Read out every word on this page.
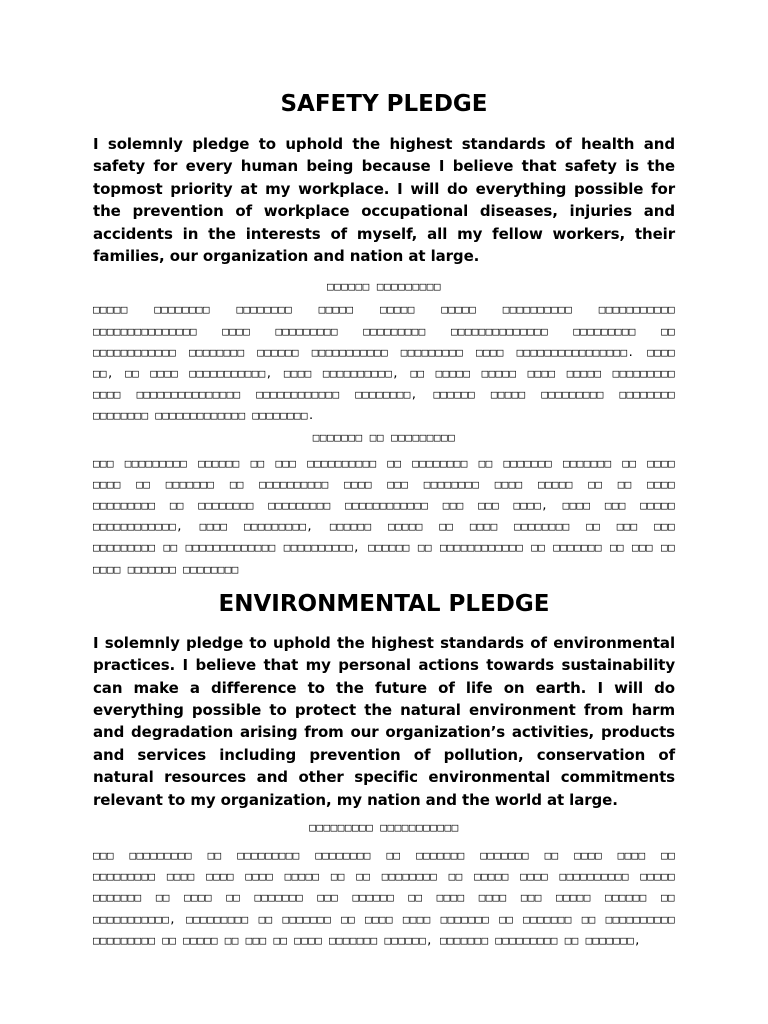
SAFETY PLEDGE

I solemnly pledge to uphold the highest standards of health and safety for every human being because I believe that safety is the topmost priority at my workplace. I will do everything possible for the prevention of workplace occupational diseases, injuries and accidents in the interests of myself, all my fellow workers, their families, our organization and nation at large.

□□□□□□ □□□□□□□□□
□□□□□ □□□□□□□□ □□□□□□□□ □□□□□ □□□□□ □□□□□ □□□□□□□□□□ □□□□□□□□□□□
□□□□□□□□□□□□□□□ □□□□ □□□□□□□□□ □□□□□□□□□ □□□□□□□□□□□□□□ □□□□□□□□□ □□
□□□□□□□□□□□□ □□□□□□□□ □□□□□□ □□□□□□□□□□□ □□□□□□□□□ □□□□ □□□□□□□□□□□□□□□□. □□□□
□□, □□ □□□□ □□□□□□□□□□□, □□□□ □□□□□□□□□□, □□ □□□□□ □□□□□ □□□□ □□□□□ □□□□□□□□□
□□□□ □□□□□□□□□□□□□□□ □□□□□□□□□□□□ □□□□□□□□, □□□□□□ □□□□□ □□□□□□□□□ □□□□□□□□
□□□□□□□□ □□□□□□□□□□□□□ □□□□□□□□.
□□□□□□□ □□ □□□□□□□□□
□□□ □□□□□□□□□ □□□□□□ □□ □□□ □□□□□□□□□□ □□ □□□□□□□□ □□ □□□□□□□ □□□□□□□ □□ □□□□
□□□□ □□ □□□□□□□ □□ □□□□□□□□□□ □□□□ □□□ □□□□□□□□ □□□□ □□□□□ □□ □□ □□□□
□□□□□□□□□ □□ □□□□□□□□ □□□□□□□□□ □□□□□□□□□□□□ □□□ □□□ □□□□, □□□□ □□□ □□□□□
□□□□□□□□□□□□, □□□□ □□□□□□□□□, □□□□□□ □□□□□ □□ □□□□ □□□□□□□□ □□ □□□ □□□
□□□□□□□□□ □□ □□□□□□□□□□□□□ □□□□□□□□□□, □□□□□□ □□ □□□□□□□□□□□□ □□ □□□□□□□ □□ □□□ □□
□□□□ □□□□□□□ □□□□□□□□
ENVIRONMENTAL PLEDGE

I solemnly pledge to uphold the highest standards of environmental practices. I believe that my personal actions towards sustainability can make a difference to the future of life on earth. I will do everything possible to protect the natural environment from harm and degradation arising from our organization’s activities, products and services including prevention of pollution, conservation of natural resources and other specific environmental commitments relevant to my organization, my nation and the world at large.

□□□□□□□□□ □□□□□□□□□□□
□□□ □□□□□□□□□ □□ □□□□□□□□□ □□□□□□□□ □□ □□□□□□□ □□□□□□□ □□ □□□□ □□□□ □□
□□□□□□□□□ □□□□ □□□□ □□□□ □□□□□ □□ □□ □□□□□□□□ □□ □□□□□ □□□□ □□□□□□□□□□ □□□□□
□□□□□□□ □□ □□□□ □□ □□□□□□□ □□□ □□□□□□ □□ □□□□ □□□□ □□□ □□□□□ □□□□□□ □□
□□□□□□□□□□□, □□□□□□□□□ □□ □□□□□□□ □□ □□□□ □□□□ □□□□□□□ □□ □□□□□□□ □□ □□□□□□□□□□
□□□□□□□□□ □□ □□□□□ □□ □□□ □□ □□□□ □□□□□□□ □□□□□□, □□□□□□□ □□□□□□□□□ □□ □□□□□□□,
